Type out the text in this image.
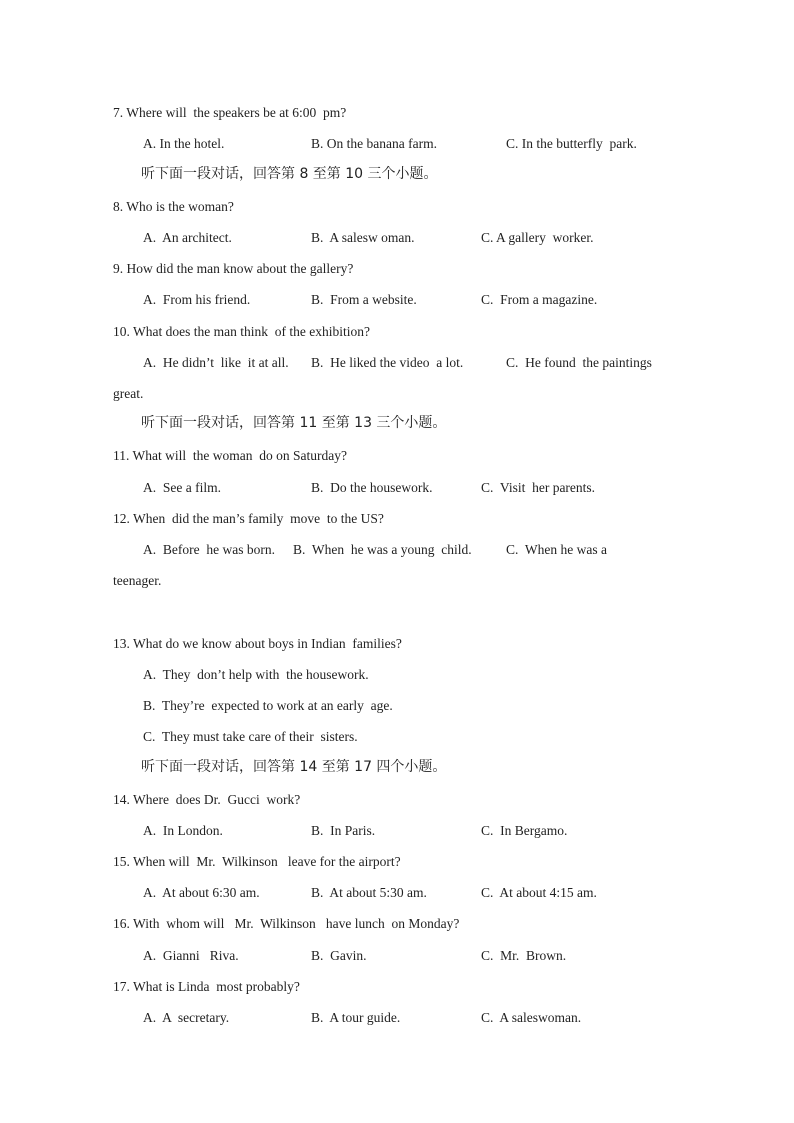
7. Where will  the speakers be at 6:00  pm?
A. In the hotel.	B. On the banana farm.	C. In the butterfly  park.
听下面一段对话，回答第 8 至第 10 三个小题。
8. Who is the woman?
A.  An architect.	B.  A salesw oman.	C. A gallery  worker.
9. How did the man know about the gallery?
A.  From his friend.	B.  From a website.	C.  From a magazine.
10. What does the man think  of the exhibition?
A.  He didn’t  like  it at all. B.  He liked the video  a lot.	C.  He found  the paintings
great.
听下面一段对话，回答第 11 至第 13 三个小题。
11. What will  the woman  do on Saturday?
A.  See a film.	B.  Do the housework.	C.  Visit  her parents.
12. When  did the man’s family  move  to the US?
A.  Before  he was born. B.  When  he was a young  child.	C.  When he was a
teenager.
13. What do we know about boys in Indian  families?
A.  They  don’t help with  the housework.
B.  They’re  expected to work at an early  age.
C.  They must take care of their  sisters.
听下面一段对话，回答第 14 至第 17 四个小题。
14. Where  does Dr.  Gucci  work?
A.  In London.	B.  In Paris.	C.  In Bergamo.
15. When will  Mr.  Wilkinson   leave for the airport?
A.  At about 6:30 am.	B.  At about 5:30 am.	C.  At about 4:15 am.
16. With  whom will   Mr.  Wilkinson   have lunch  on Monday?
A.  Gianni   Riva.	B.  Gavin.	C.  Mr.  Brown.
17. What is Linda  most probably?
A.  A  secretary.	B.  A tour guide.	C.  A saleswoman.
